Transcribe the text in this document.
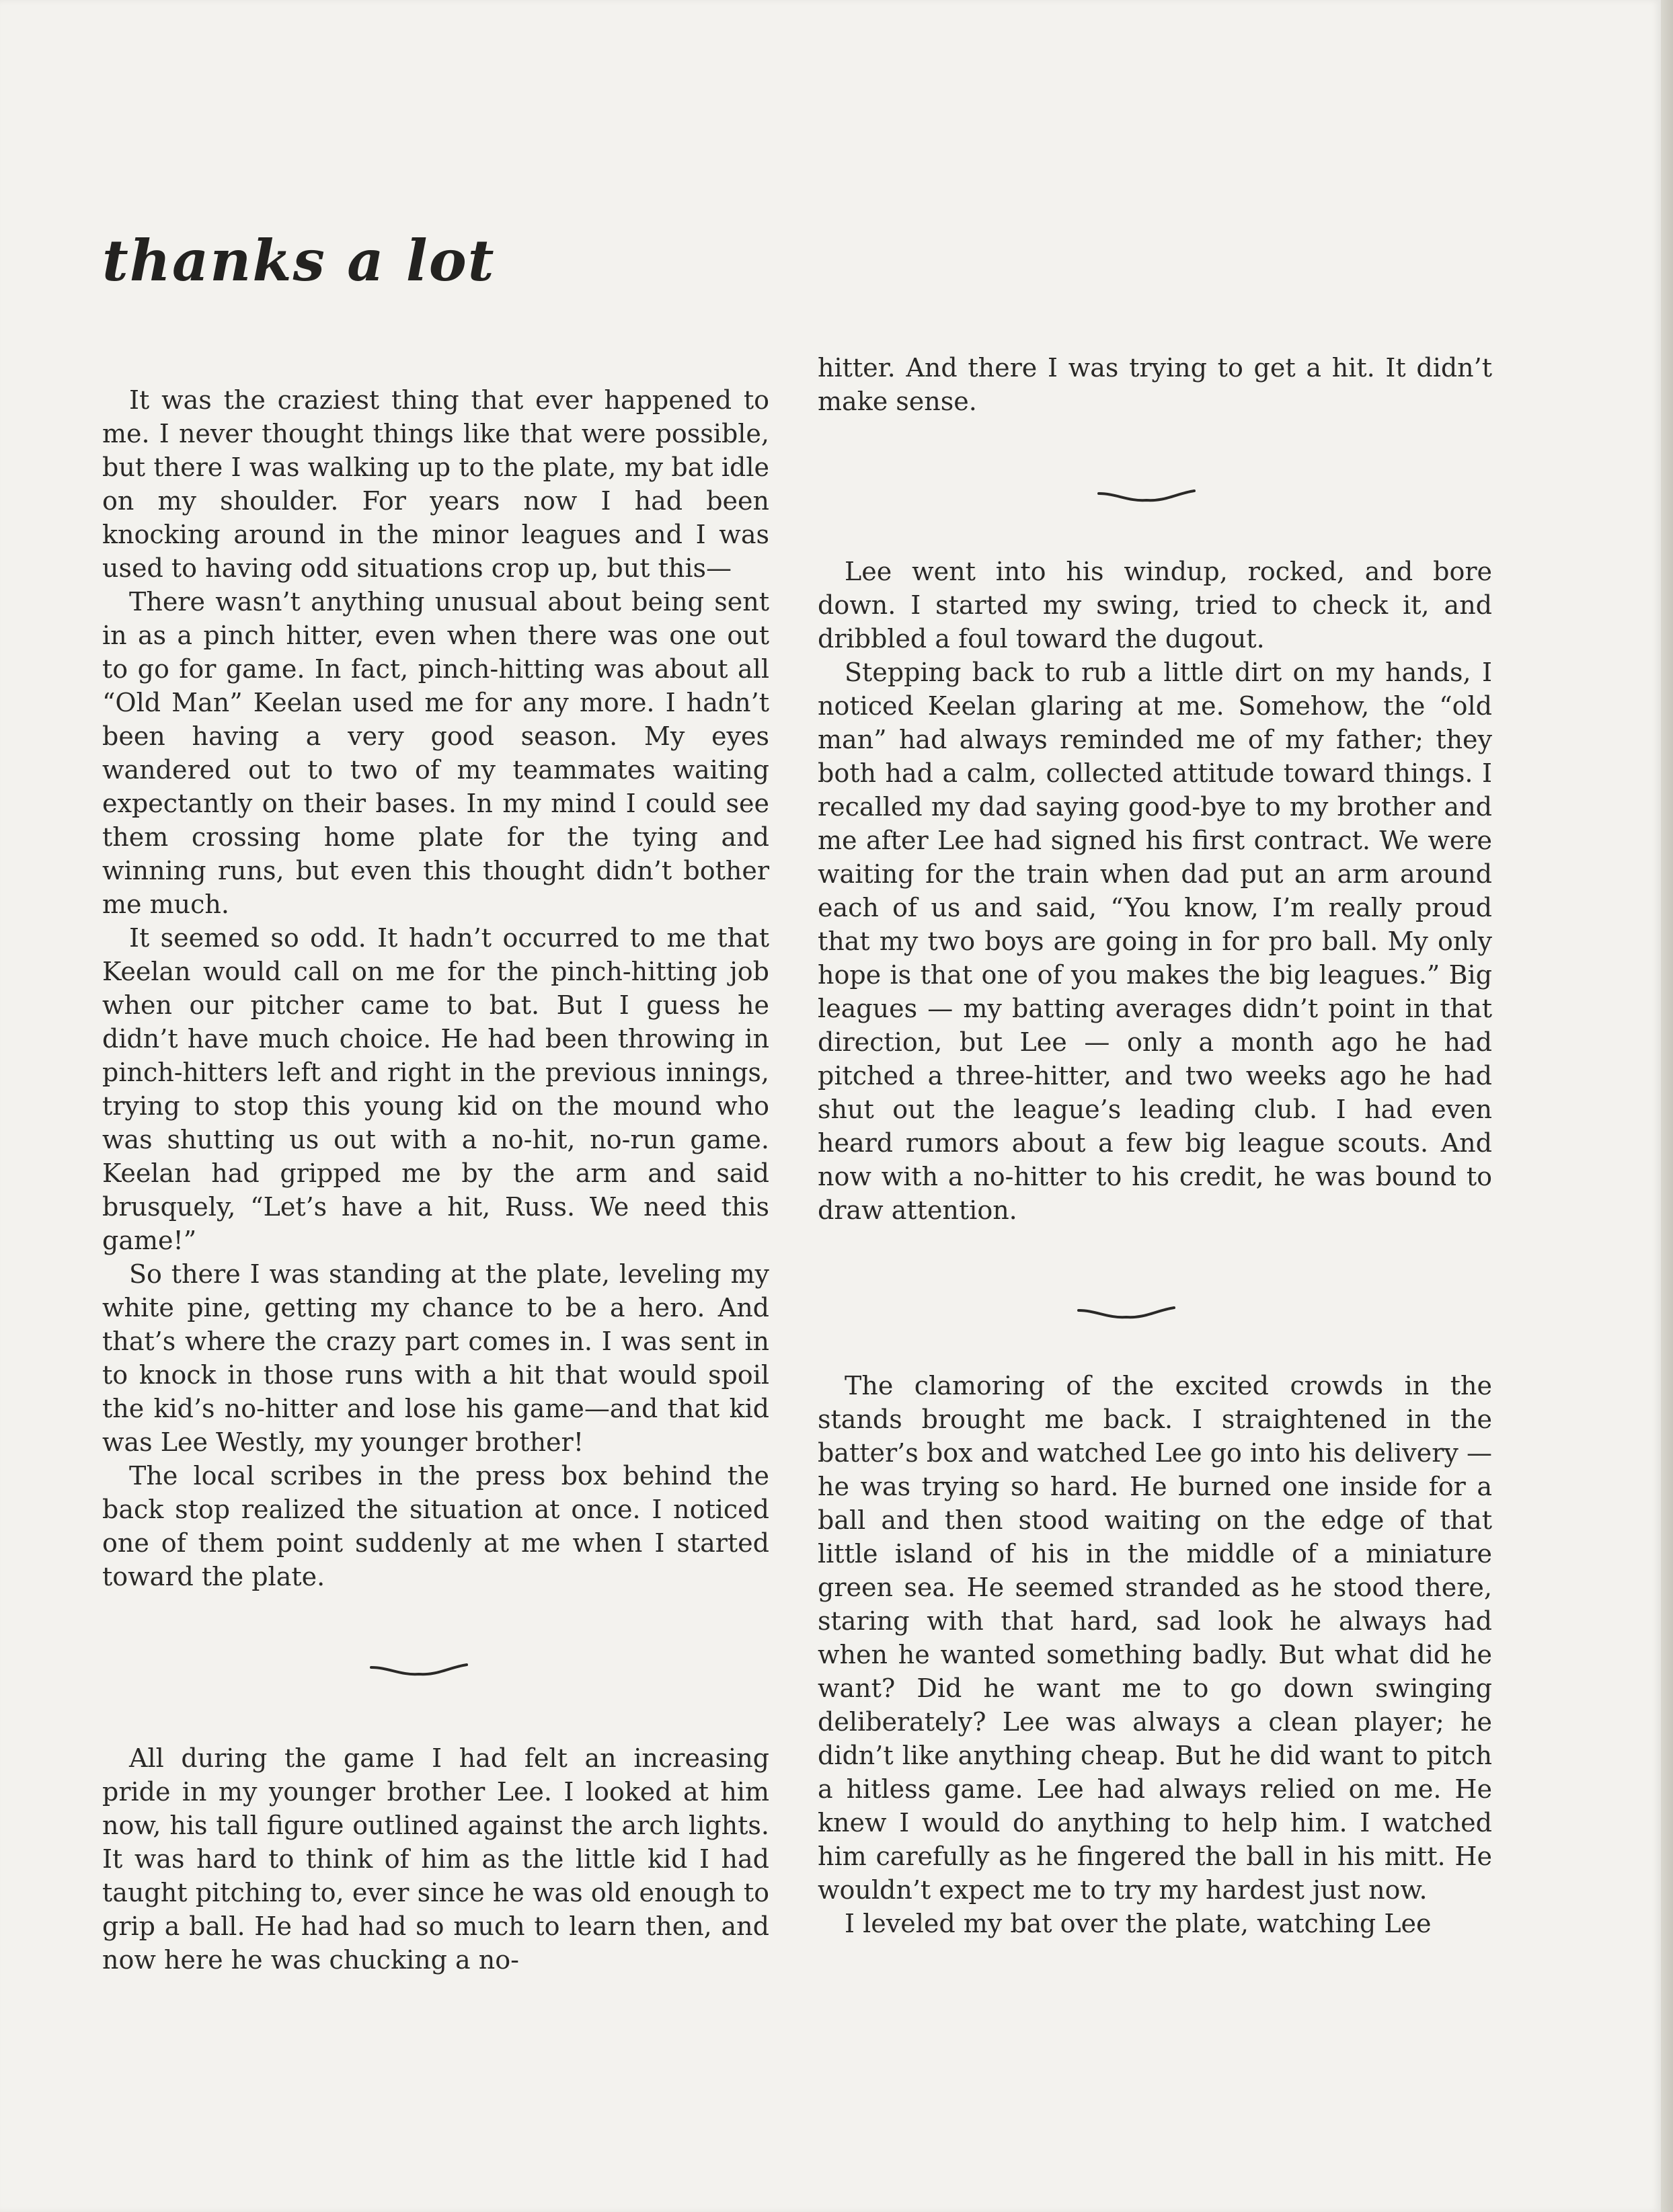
thanks a lot

It was the craziest thing that ever happened to me. I never thought things like that were possible, but there I was walking up to the plate, my bat idle on my shoulder. For years now I had been knocking around in the minor leagues and I was used to having odd situations crop up, but this—

There wasn’t anything unusual about being sent in as a pinch hitter, even when there was one out to go for game. In fact, pinch-hitting was about all “Old Man” Keelan used me for any more. I hadn’t been having a very good season. My eyes wandered out to two of my teammates waiting expectantly on their bases. In my mind I could see them crossing home plate for the tying and winning runs, but even this thought didn’t bother me much.

It seemed so odd. It hadn’t occurred to me that Keelan would call on me for the pinch-hitting job when our pitcher came to bat. But I guess he didn’t have much choice. He had been throwing in pinch-hitters left and right in the previous innings, trying to stop this young kid on the mound who was shutting us out with a no-hit, no-run game. Keelan had gripped me by the arm and said brusquely, “Let’s have a hit, Russ. We need this game!”

So there I was standing at the plate, leveling my white pine, getting my chance to be a hero. And that’s where the crazy part comes in. I was sent in to knock in those runs with a hit that would spoil the kid’s no-hitter and lose his game—and that kid was Lee Westly, my younger brother!

The local scribes in the press box behind the back stop realized the situation at once. I noticed one of them point suddenly at me when I started toward the plate.

All during the game I had felt an increasing pride in my younger brother Lee. I looked at him now, his tall figure outlined against the arch lights. It was hard to think of him as the little kid I had taught pitching to, ever since he was old enough to grip a ball. He had had so much to learn then, and now here he was chucking a no-

hitter. And there I was trying to get a hit. It didn’t make sense.

Lee went into his windup, rocked, and bore down. I started my swing, tried to check it, and dribbled a foul toward the dugout.

Stepping back to rub a little dirt on my hands, I noticed Keelan glaring at me. Somehow, the “old man” had always reminded me of my father; they both had a calm, collected attitude toward things. I recalled my dad saying good-bye to my brother and me after Lee had signed his first contract. We were waiting for the train when dad put an arm around each of us and said, “You know, I’m really proud that my two boys are going in for pro ball. My only hope is that one of you makes the big leagues.” Big leagues — my batting averages didn’t point in that direction, but Lee — only a month ago he had pitched a three-hitter, and two weeks ago he had shut out the league’s leading club. I had even heard rumors about a few big league scouts. And now with a no-hitter to his credit, he was bound to draw attention.

The clamoring of the excited crowds in the stands brought me back. I straightened in the batter’s box and watched Lee go into his delivery — he was trying so hard. He burned one inside for a ball and then stood waiting on the edge of that little island of his in the middle of a miniature green sea. He seemed stranded as he stood there, staring with that hard, sad look he always had when he wanted something badly. But what did he want? Did he want me to go down swinging deliberately? Lee was always a clean player; he didn’t like anything cheap. But he did want to pitch a hitless game. Lee had always relied on me. He knew I would do anything to help him. I watched him carefully as he fingered the ball in his mitt. He wouldn’t expect me to try my hardest just now.

I leveled my bat over the plate, watching Lee
